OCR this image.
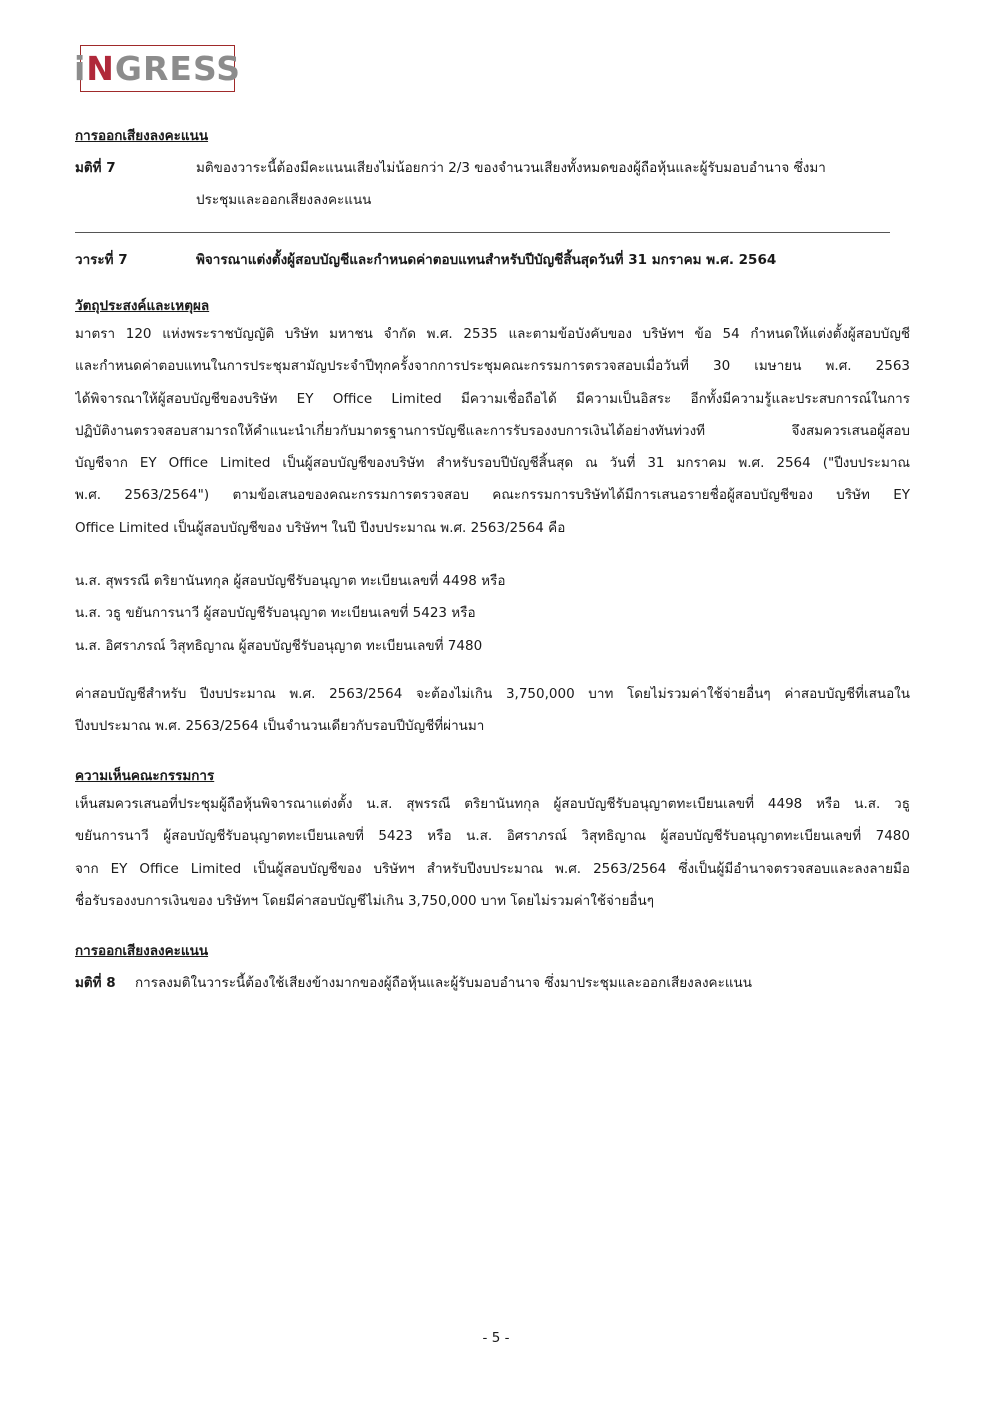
iNGRESS
การออกเสียงลงคะแนน
มติที่ 7	มติของวาระนี้ต้องมีคะแนนเสียงไม่น้อยกว่า 2/3 ของจำนวนเสียงทั้งหมดของผู้ถือหุ้นและผู้รับมอบอำนาจ ซึ่งมา
ประชุมและออกเสียงลงคะแนน
วาระที่ 7	พิจารณาแต่งตั้งผู้สอบบัญชีและกำหนดค่าตอบแทนสำหรับปีบัญชีสิ้นสุดวันที่ 31 มกราคม พ.ศ. 2564
วัตถุประสงค์และเหตุผล
มาตรา 120 แห่งพระราชบัญญัติ บริษัท มหาชน จำกัด พ.ศ. 2535 และตามข้อบังคับของ บริษัทฯ ข้อ 54 กำหนดให้แต่งตั้งผู้สอบบัญชี
และกำหนดค่าตอบแทนในการประชุมสามัญประจำปีทุกครั้งจากการประชุมคณะกรรมการตรวจสอบเมื่อวันที่ 30 เมษายน พ.ศ. 2563
ได้พิจารณาให้ผู้สอบบัญชีของบริษัท EY Office Limited มีความเชื่อถือได้ มีความเป็นอิสระ อีกทั้งมีความรู้และประสบการณ์ในการ
ปฏิบัติงานตรวจสอบสามารถให้คำแนะนำเกี่ยวกับมาตรฐานการบัญชีและการรับรองงบการเงินได้อย่างทันท่วงที จึงสมควรเสนอผู้สอบ
บัญชีจาก EY Office Limited เป็นผู้สอบบัญชีของบริษัท สำหรับรอบปีบัญชีสิ้นสุด ณ วันที่ 31 มกราคม พ.ศ. 2564 ("ปีงบประมาณ
พ.ศ. 2563/2564") ตามข้อเสนอของคณะกรรมการตรวจสอบ คณะกรรมการบริษัทได้มีการเสนอรายชื่อผู้สอบบัญชีของ บริษัท EY
Office Limited เป็นผู้สอบบัญชีของ บริษัทฯ ในปี ปีงบประมาณ พ.ศ. 2563/2564 คือ
น.ส. สุพรรณี ตริยานันทกุล ผู้สอบบัญชีรับอนุญาต ทะเบียนเลขที่ 4498 หรือ
น.ส. วธู ขยันการนาวี ผู้สอบบัญชีรับอนุญาต ทะเบียนเลขที่ 5423 หรือ
น.ส. อิศราภรณ์ วิสุทธิญาณ ผู้สอบบัญชีรับอนุญาต ทะเบียนเลขที่ 7480
ค่าสอบบัญชีสำหรับ ปีงบประมาณ พ.ศ. 2563/2564 จะต้องไม่เกิน 3,750,000 บาท โดยไม่รวมค่าใช้จ่ายอื่นๆ ค่าสอบบัญชีที่เสนอใน
ปีงบประมาณ พ.ศ. 2563/2564 เป็นจำนวนเดียวกับรอบปีบัญชีที่ผ่านมา
ความเห็นคณะกรรมการ
เห็นสมควรเสนอที่ประชุมผู้ถือหุ้นพิจารณาแต่งตั้ง น.ส. สุพรรณี ตริยานันทกุล ผู้สอบบัญชีรับอนุญาตทะเบียนเลขที่ 4498 หรือ น.ส. วธู
ขยันการนาวี ผู้สอบบัญชีรับอนุญาตทะเบียนเลขที่ 5423 หรือ น.ส. อิศราภรณ์ วิสุทธิญาณ ผู้สอบบัญชีรับอนุญาตทะเบียนเลขที่ 7480
จาก EY Office Limited เป็นผู้สอบบัญชีของ บริษัทฯ สำหรับปีงบประมาณ พ.ศ. 2563/2564 ซึ่งเป็นผู้มีอำนาจตรวจสอบและลงลายมือ
ชื่อรับรองงบการเงินของ บริษัทฯ โดยมีค่าสอบบัญชีไม่เกิน 3,750,000 บาท โดยไม่รวมค่าใช้จ่ายอื่นๆ
การออกเสียงลงคะแนน
มติที่ 8 การลงมติในวาระนี้ต้องใช้เสียงข้างมากของผู้ถือหุ้นและผู้รับมอบอำนาจ ซึ่งมาประชุมและออกเสียงลงคะแนน
- 5 -
